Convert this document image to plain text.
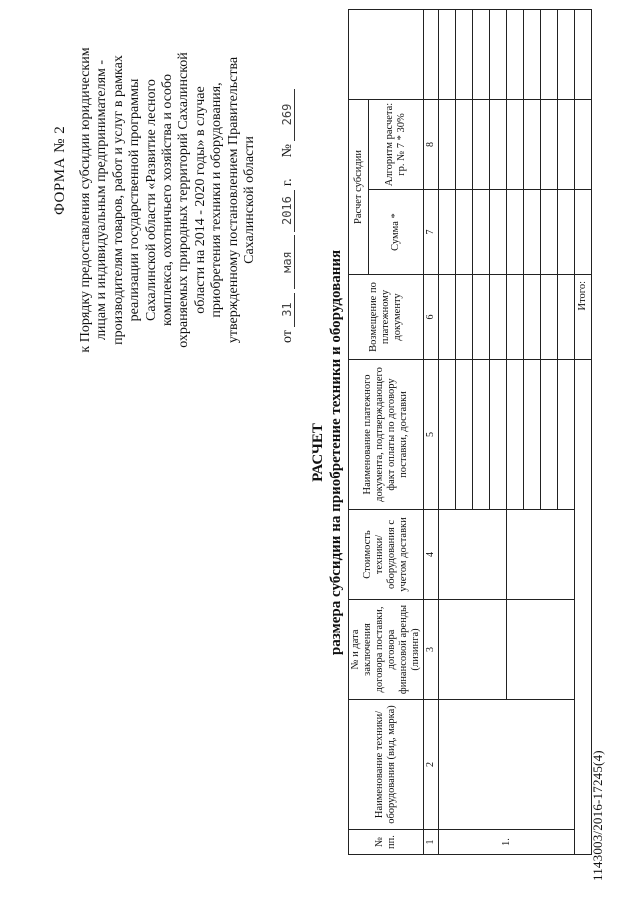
1143003/2016-17245(4)
ФОРМА № 2 к Порядку предоставления субсидии юридическим лицам и индивидуальным предпринимателям - производителям товаров, работ и услуг в рамках реализации государственной программы Сахалинской области «Развитие лесного комплекса, охотничьего хозяйства и особо охраняемых природных территорий Сахалинской области на 2014 - 2020 годы» в случае приобретения техники и оборудования, утвержденному постановлением Правительства Сахалинской области
от 31 мая 2016 г.      № 269
РАСЧЕТ размера субсидии на приобретение техники и оборудования
№ пп.	Наименование техники/оборудования (вид, марка)	№ и дата заключения договора поставки, договора финансовой аренды (лизинга)	Стоимость техники/ оборудования с учетом доставки	Наименование платежного документа, подтверждающего факт оплаты по договору поставки, доставки	Возмещение по платежному документу	Расчет субсидии		
						Сумма *	Алгоритм расчета: гр. № 7 * 30%	
1	2	3	4	5	6	7	8	
1.								

					Итого:			
